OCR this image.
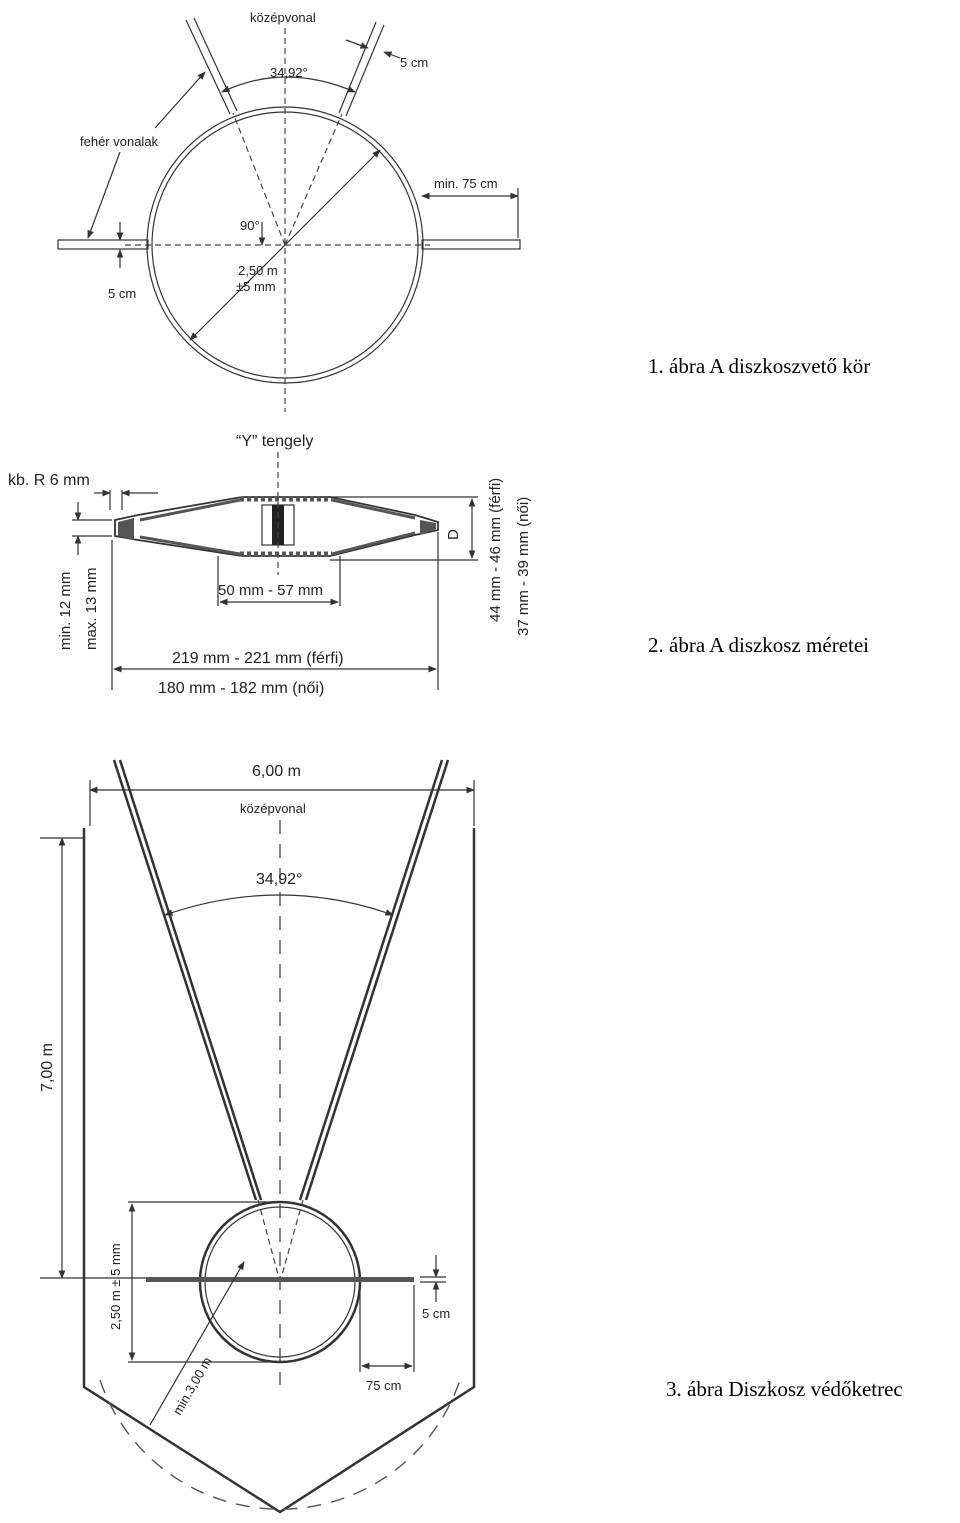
középvonal
34,92°
5 cm
fehér vonalak
min. 75 cm
90°
2,50 m
±5 mm
5 cm
“Y” tengely
kb. R 6 mm
min. 12 mm max. 13 mm	50 mm - 57 mm
D 44 mm - 46 mm (férfi) 37 mm - 39 mm (női)
219 mm - 221 mm (férfi)
180 mm - 182 mm (női)
6,00 m
középvonal
34,92°
7,00 m
2,50 m ± 5 mm
min.3,00 m
5 cm
75 cm
1. ábra A diszkoszvető kör
2. ábra A diszkosz méretei
3. ábra Diszkosz védőketrec
